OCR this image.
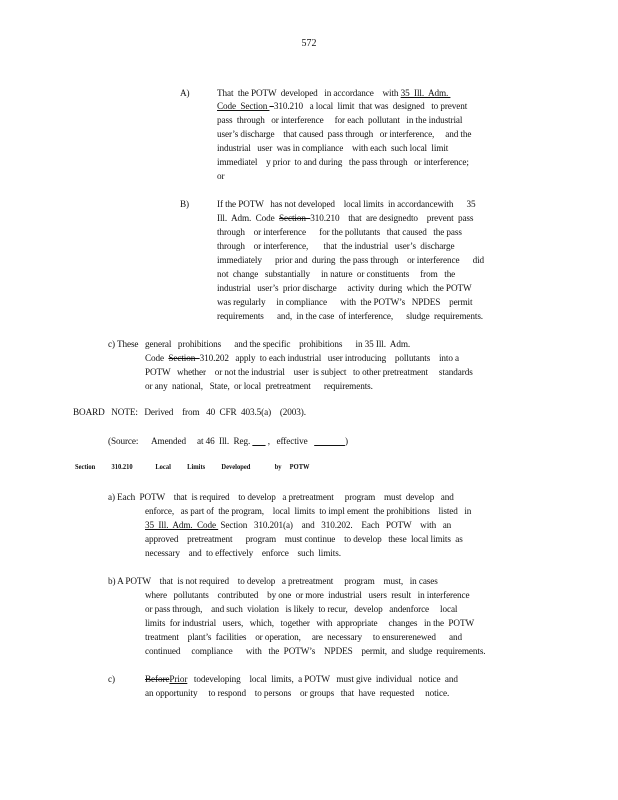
572
A)	That  the POTW  developed   in accordance    with 35  Ill.  Adm.
Code  Section   310.210   a local  limit  that was  designed   to prevent
pass  through   or interference     for each  pollutant   in the industrial
user’s discharge    that caused  pass through   or interference,     and the
industrial   user  was in compliance    with each  such local  limit
immediatel    y prior  to and during   the pass through   or interference;
or
B)	If the POTW   has not developed    local limits  in accordancewith      35
Ill.  Adm.  Code  Section  310.210    that  are designedto    prevent  pass
through    or interference      for the pollutants   that caused   the pass
through    or interference,       that  the industrial   user’s  discharge
immediately      prior and  during  the pass through    or interference      did
not  change   substantially     in nature  or constituents     from   the
industrial   user’s  prior discharge     activity  during  which  the POTW
was regularly     in compliance      with  the POTW’s   NPDES    permit
requirements      and,  in the case  of interference,      sludge  requirements.
c) These   general   prohibitions      and the specific    prohibitions      in 35 Ill.  Adm.
Code  Section  310.202   apply  to each industrial   user introducing    pollutants    into a
POTW   whether    or not the industrial    user  is subject   to other pretreatment     standards
or any  national,   State,  or local  pretreatment      requirements.
BOARD   NOTE:   Derived    from   40  CFR  403.5(a)    (2003).
(Source:      Amended     at 46  Ill.  Reg.        ,   effective	)
Section          310.210              Local          Limits          Developed               by     POTW
a) Each  POTW    that  is required    to develop   a pretreatment     program    must  develop   and
enforce,   as part of  the program,    local  limits  to impl ement  the prohibitions    listed   in
35  Ill.  Adm.  Code  Section   310.201(a)    and   310.202.    Each   POTW    with   an
approved    pretreatment      program    must continue    to develop   these  local limits  as
necessary    and  to effectively    enforce    such  limits.
b) A POTW    that  is not required    to develop   a pretreatment     program    must,   in cases
where   pollutants    contributed    by one  or more  industrial   users  result   in interference
or pass through,    and such  violation   is likely  to recur,   develop   andenforce     local
limits  for industrial   users,   which,   together   with  appropriate     changes   in the  POTW
treatment    plant’s  facilities    or operation,     are  necessary     to ensurerenewed      and
continued     compliance      with   the  POTW’s    NPDES    permit,  and  sludge  requirements.
c)	BeforePrior   todeveloping    local  limits,  a POTW   must give  individual   notice  and
an opportunity     to respond    to persons    or groups   that  have  requested     notice.
